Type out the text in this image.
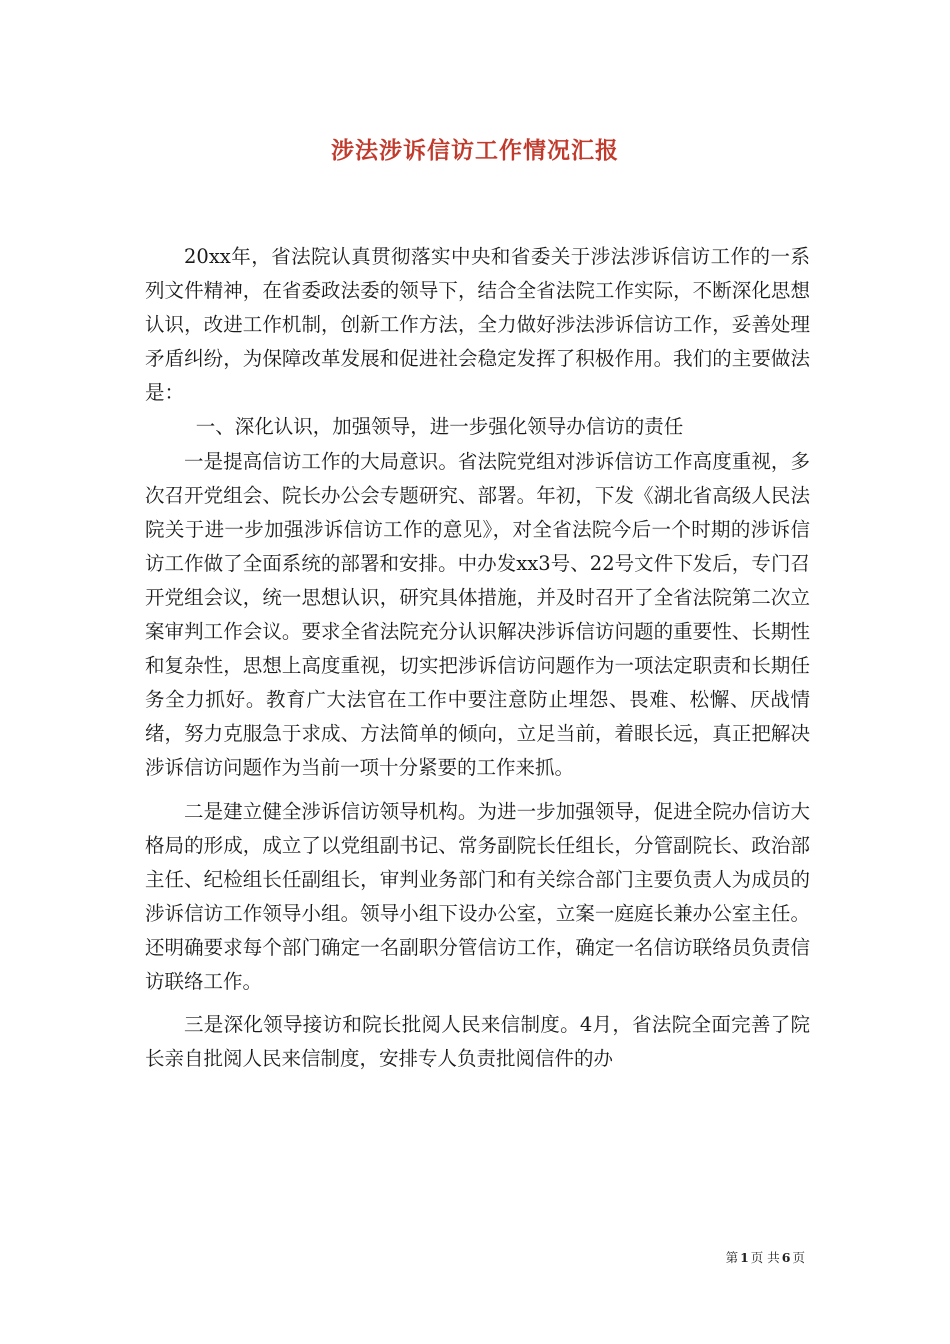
涉法涉诉信访工作情况汇报

20xx年，省法院认真贯彻落实中央和省委关于涉法涉诉信访工作的一系列文件精神，在省委政法委的领导下，结合全省法院工作实际，不断深化思想认识，改进工作机制，创新工作方法，全力做好涉法涉诉信访工作，妥善处理矛盾纠纷，为保障改革发展和促进社会稳定发挥了积极作用。我们的主要做法是：

一、深化认识，加强领导，进一步强化领导办信访的责任

一是提高信访工作的大局意识。省法院党组对涉诉信访工作高度重视，多次召开党组会、院长办公会专题研究、部署。年初，下发《湖北省高级人民法院关于进一步加强涉诉信访工作的意见》，对全省法院今后一个时期的涉诉信访工作做了全面系统的部署和安排。中办发xx3号、22号文件下发后，专门召开党组会议，统一思想认识，研究具体措施，并及时召开了全省法院第二次立案审判工作会议。要求全省法院充分认识解决涉诉信访问题的重要性、长期性和复杂性，思想上高度重视，切实把涉诉信访问题作为一项法定职责和长期任务全力抓好。教育广大法官在工作中要注意防止埋怨、畏难、松懈、厌战情绪，努力克服急于求成、方法简单的倾向，立足当前，着眼长远，真正把解决涉诉信访问题作为当前一项十分紧要的工作来抓。

二是建立健全涉诉信访领导机构。为进一步加强领导，促进全院办信访大格局的形成，成立了以党组副书记、常务副院长任组长，分管副院长、政治部主任、纪检组长任副组长，审判业务部门和有关综合部门主要负责人为成员的涉诉信访工作领导小组。领导小组下设办公室，立案一庭庭长兼办公室主任。还明确要求每个部门确定一名副职分管信访工作，确定一名信访联络员负责信访联络工作。

三是深化领导接访和院长批阅人民来信制度。4月，省法院全面完善了院长亲自批阅人民来信制度，安排专人负责批阅信件的办

第 1 页 共 6 页
